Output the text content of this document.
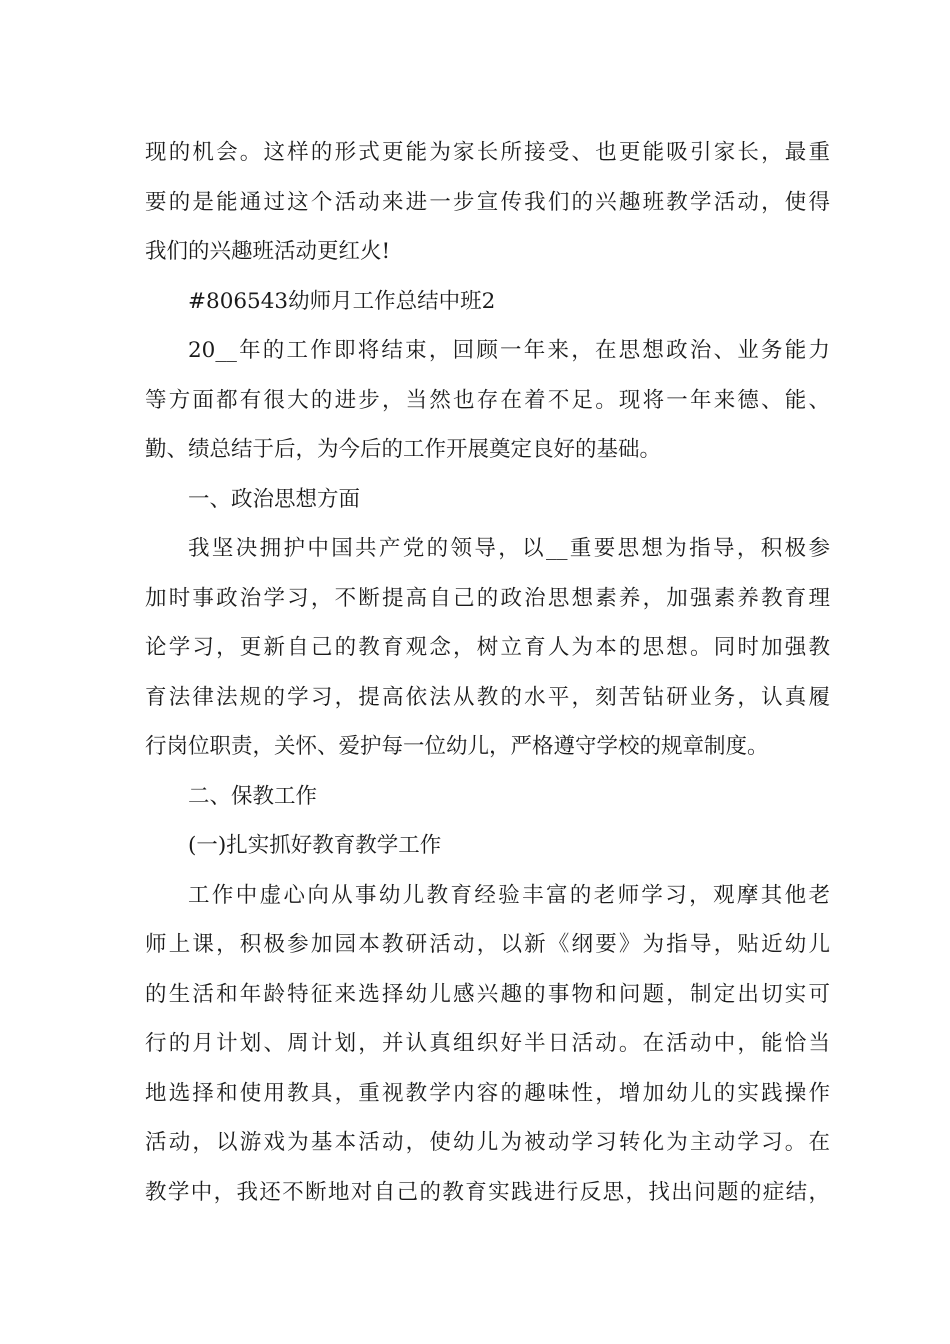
现的机会。这样的形式更能为家长所接受、也更能吸引家长，最重
要的是能通过这个活动来进一步宣传我们的兴趣班教学活动，使得
我们的兴趣班活动更红火!

#806543幼师月工作总结中班2

20__年的工作即将结束，回顾一年来，在思想政治、业务能力
等方面都有很大的进步，当然也存在着不足。现将一年来德、能、
勤、绩总结于后，为今后的工作开展奠定良好的基础。

一、政治思想方面

我坚决拥护中国共产党的领导，以__重要思想为指导，积极参
加时事政治学习，不断提高自己的政治思想素养，加强素养教育理
论学习，更新自己的教育观念，树立育人为本的思想。同时加强教
育法律法规的学习，提高依法从教的水平，刻苦钻研业务，认真履
行岗位职责，关怀、爱护每一位幼儿，严格遵守学校的规章制度。

二、保教工作

(一)扎实抓好教育教学工作

工作中虚心向从事幼儿教育经验丰富的老师学习，观摩其他老
师上课，积极参加园本教研活动，以新《纲要》为指导，贴近幼儿
的生活和年龄特征来选择幼儿感兴趣的事物和问题，制定出切实可
行的月计划、周计划，并认真组织好半日活动。在活动中，能恰当
地选择和使用教具，重视教学内容的趣味性，增加幼儿的实践操作
活动，以游戏为基本活动，使幼儿为被动学习转化为主动学习。在
教学中，我还不断地对自己的教育实践进行反思，找出问题的症结，
